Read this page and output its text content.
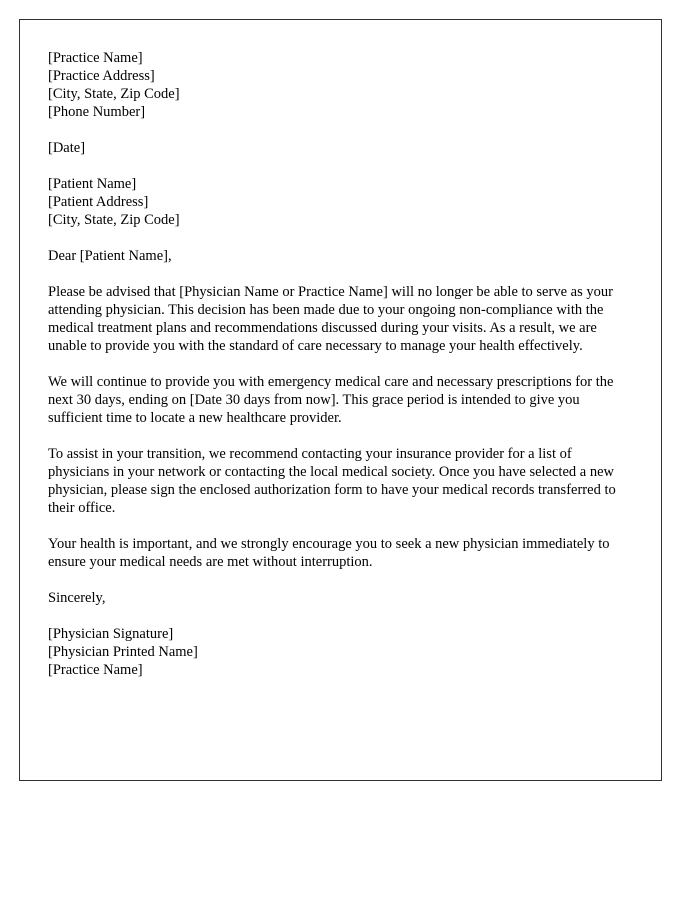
[Practice Name]
[Practice Address]
[City, State, Zip Code]
[Phone Number]
[Date]
[Patient Name]
[Patient Address]
[City, State, Zip Code]
Dear [Patient Name],

Please be advised that [Physician Name or Practice Name] will no longer be able to serve as your attending physician. This decision has been made due to your ongoing non-compliance with the medical treatment plans and recommendations discussed during your visits. As a result, we are unable to provide you with the standard of care necessary to manage your health effectively.

We will continue to provide you with emergency medical care and necessary prescriptions for the next 30 days, ending on [Date 30 days from now]. This grace period is intended to give you sufficient time to locate a new healthcare provider.

To assist in your transition, we recommend contacting your insurance provider for a list of physicians in your network or contacting the local medical society. Once you have selected a new physician, please sign the enclosed authorization form to have your medical records transferred to their office.

Your health is important, and we strongly encourage you to seek a new physician immediately to ensure your medical needs are met without interruption.

Sincerely,
[Physician Signature]
[Physician Printed Name]
[Practice Name]
